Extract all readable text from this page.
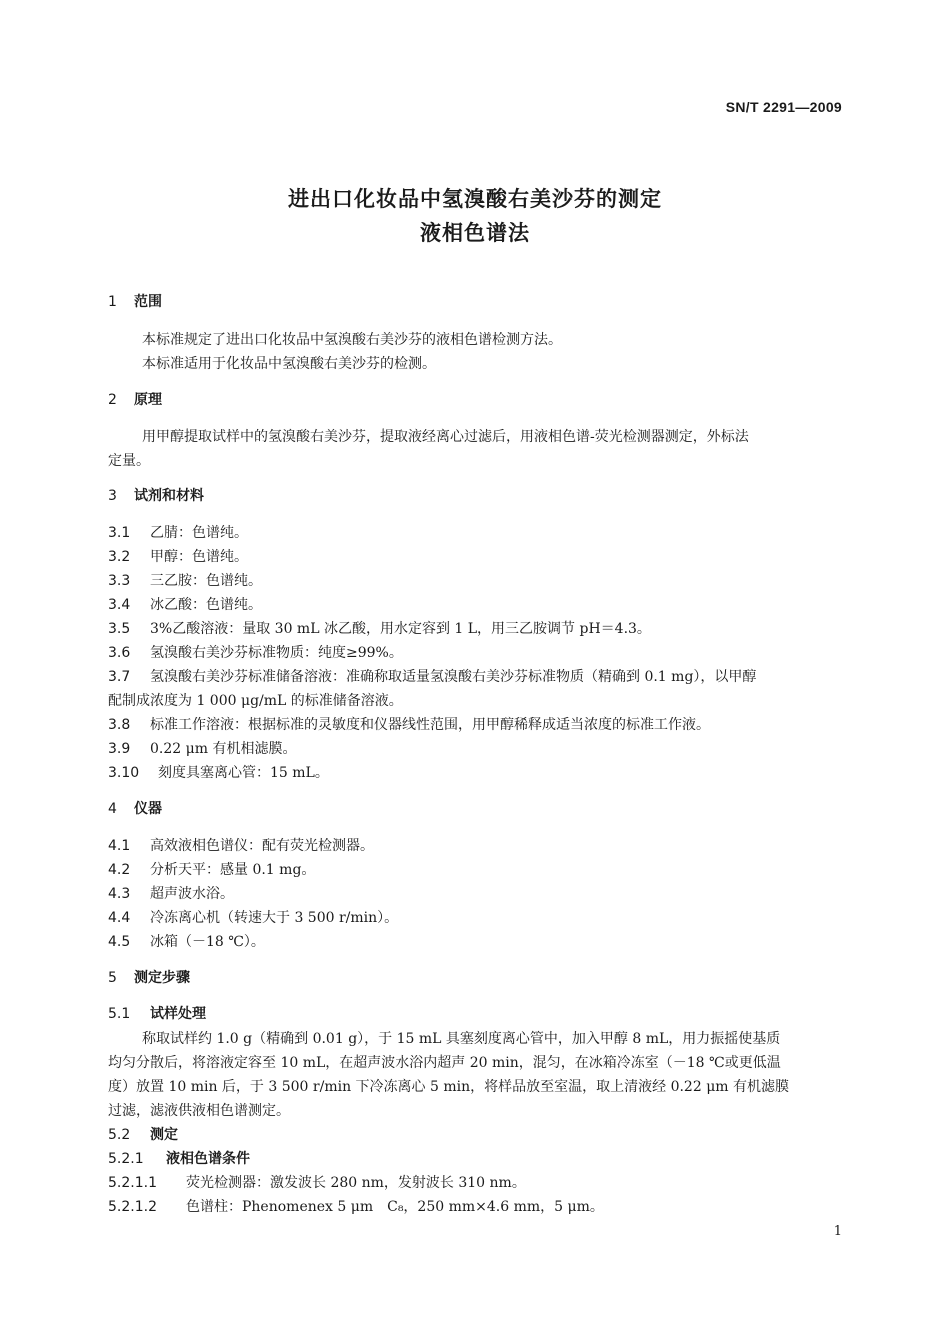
SN/T 2291—2009
进出口化妆品中氢溴酸右美沙芬的测定
液相色谱法
1 范围
本标准规定了进出口化妆品中氢溴酸右美沙芬的液相色谱检测方法。
本标准适用于化妆品中氢溴酸右美沙芬的检测。
2 原理
用甲醇提取试样中的氢溴酸右美沙芬，提取液经离心过滤后，用液相色谱-荧光检测器测定，外标法
定量。
3 试剂和材料
3.1 乙腈：色谱纯。
3.2 甲醇：色谱纯。
3.3 三乙胺：色谱纯。
3.4 冰乙酸：色谱纯。
3.5 3%乙酸溶液：量取 30 mL 冰乙酸，用水定容到 1 L，用三乙胺调节 pH＝4.3。
3.6 氢溴酸右美沙芬标准物质：纯度≥99%。
3.7 氢溴酸右美沙芬标准储备溶液：准确称取适量氢溴酸右美沙芬标准物质（精确到 0.1 mg），以甲醇
配制成浓度为 1 000 μg/mL 的标准储备溶液。
3.8 标准工作溶液：根据标准的灵敏度和仪器线性范围，用甲醇稀释成适当浓度的标准工作液。
3.9 0.22 μm 有机相滤膜。
3.10 刻度具塞离心管：15 mL。
4 仪器
4.1 高效液相色谱仪：配有荧光检测器。
4.2 分析天平：感量 0.1 mg。
4.3 超声波水浴。
4.4 冷冻离心机（转速大于 3 500 r/min）。
4.5 冰箱（－18 ℃）。
5 测定步骤
5.1 试样处理
称取试样约 1.0 g（精确到 0.01 g），于 15 mL 具塞刻度离心管中，加入甲醇 8 mL，用力振摇使基质
均匀分散后，将溶液定容至 10 mL，在超声波水浴内超声 20 min，混匀，在冰箱冷冻室（－18 ℃或更低温
度）放置 10 min 后，于 3 500 r/min 下冷冻离心 5 min，将样品放至室温，取上清液经 0.22 μm 有机滤膜
过滤，滤液供液相色谱测定。
5.2 测定
5.2.1 液相色谱条件
5.2.1.1 荧光检测器：激发波长 280 nm，发射波长 310 nm。
5.2.1.2 色谱柱：Phenomenex 5 μm　C₈，250 mm×4.6 mm，5 μm。
1
